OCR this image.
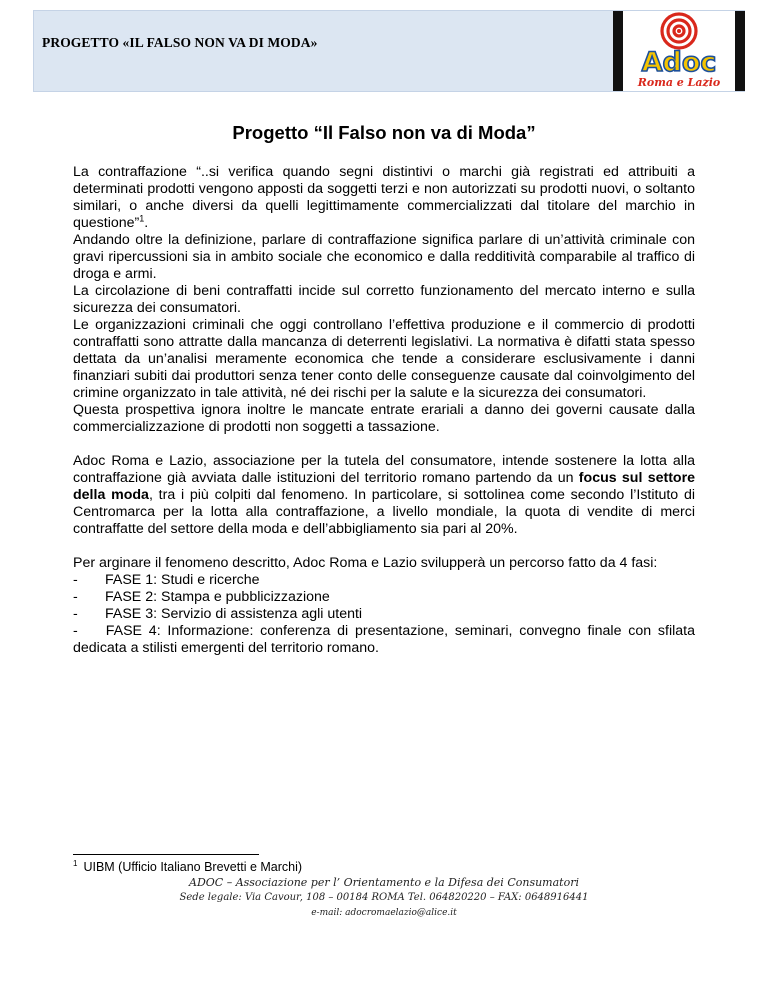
PROGETTO «IL FALSO NON VA DI MODA»
Adoc
Roma e Lazio
Progetto “Il Falso non va di Moda”

La contraffazione “..si verifica quando segni distintivi o marchi già registrati ed attribuiti a determinati prodotti vengono apposti da soggetti terzi e non autorizzati su prodotti nuovi, o soltanto similari, o anche diversi da quelli legittimamente commercializzati dal titolare del marchio in questione”$^1$.

Andando oltre la definizione, parlare di contraffazione significa parlare di un’attività criminale con gravi ripercussioni sia in ambito sociale che economico e dalla redditività comparabile al traffico di droga e armi.

La circolazione di beni contraffatti incide sul corretto funzionamento del mercato interno e sulla sicurezza dei consumatori.

Le organizzazioni criminali che oggi controllano l’effettiva produzione e il commercio di prodotti contraffatti sono attratte dalla mancanza di deterrenti legislativi. La normativa è difatti stata spesso dettata da un’analisi meramente economica che tende a considerare esclusivamente i danni finanziari subiti dai produttori senza tener conto delle conseguenze causate dal coinvolgimento del crimine organizzato in tale attività, né dei rischi per la salute e la sicurezza dei consumatori.

Questa prospettiva ignora inoltre le mancate entrate erariali a danno dei governi causate dalla commercializzazione di prodotti non soggetti a tassazione.

Adoc Roma e Lazio, associazione per la tutela del consumatore, intende sostenere la lotta alla contraffazione già avviata dalle istituzioni del territorio romano partendo da un focus sul settore della moda, tra i più colpiti dal fenomeno. In particolare, si sottolinea come secondo l’Istituto di Centromarca per la lotta alla contraffazione, a livello mondiale, la quota di vendite di merci contraffatte del settore della moda e dell’abbigliamento sia pari al 20%.

Per arginare il fenomeno descritto, Adoc Roma e Lazio svilupperà un percorso fatto da 4 fasi:

-	FASE 1: Studi e ricerche
-	FASE 2: Stampa e pubblicizzazione
-	FASE 3: Servizio di assistenza agli utenti

- FASE 4: Informazione: conferenza di presentazione, seminari, convegno finale con sfilata dedicata a stilisti emergenti del territorio romano.

$^1$ UIBM (Ufficio Italiano Brevetti e Marchi)
ADOC – Associazione per l’ Orientamento e la Difesa dei Consumatori
Sede legale: Via Cavour, 108 – 00184 ROMA Tel. 064820220 – FAX: 0648916441
e-mail: adocromaelazio@alice.it
